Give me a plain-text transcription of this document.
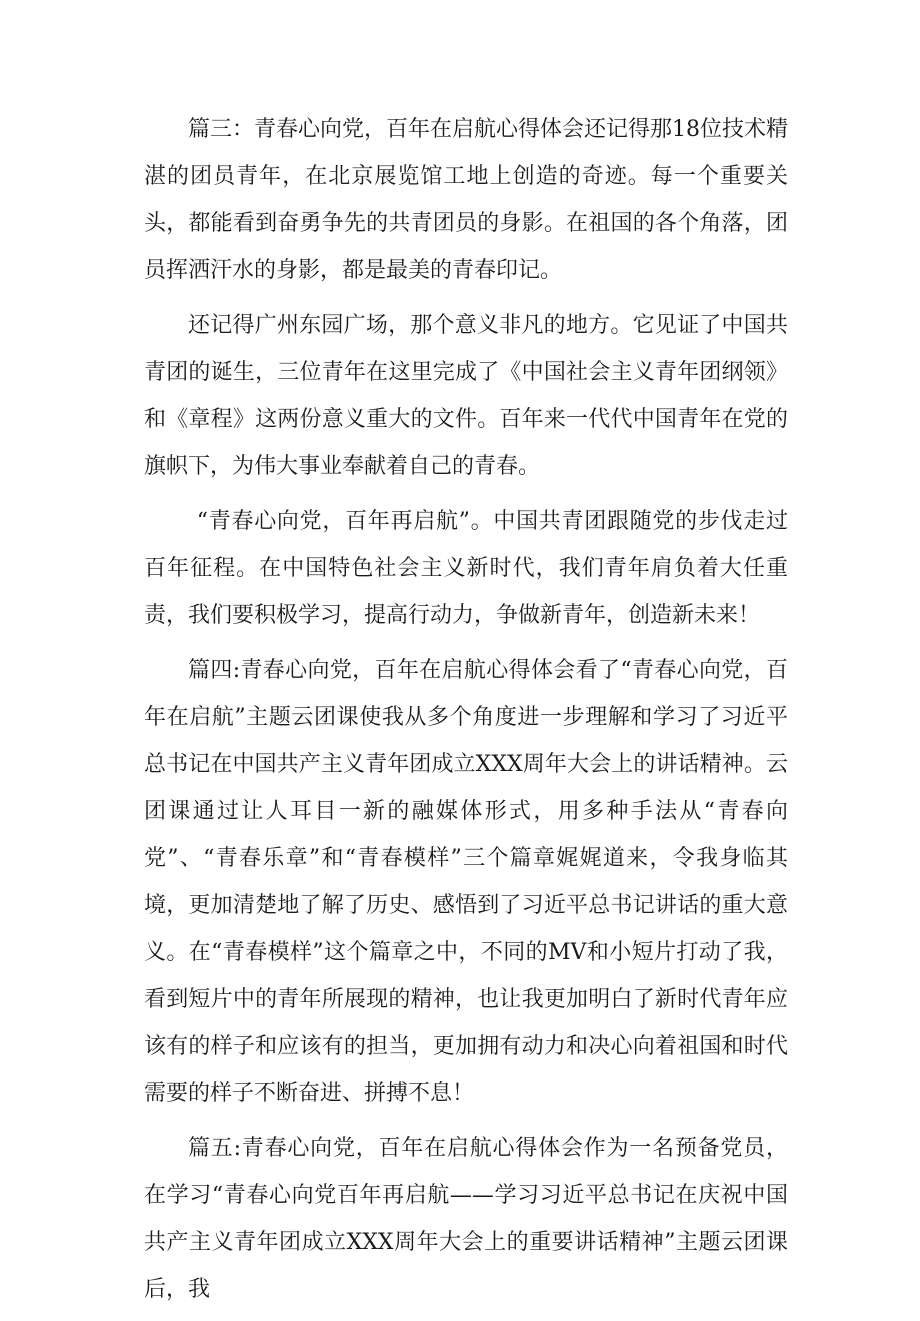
篇三：青春心向党，百年在启航心得体会还记得那18位技术精湛的团员青年，在北京展览馆工地上创造的奇迹。每一个重要关头，都能看到奋勇争先的共青团员的身影。在祖国的各个角落，团员挥洒汗水的身影，都是最美的青春印记。

还记得广州东园广场，那个意义非凡的地方。它见证了中国共青团的诞生，三位青年在这里完成了《中国社会主义青年团纲领》和《章程》这两份意义重大的文件。百年来一代代中国青年在党的旗帜下，为伟大事业奉献着自己的青春。

“青春心向党，百年再启航”。中国共青团跟随党的步伐走过百年征程。在中国特色社会主义新时代，我们青年肩负着大任重责，我们要积极学习，提高行动力，争做新青年，创造新未来！

篇四:青春心向党，百年在启航心得体会看了“青春心向党，百年在启航”主题云团课使我从多个角度进一步理解和学习了习近平总书记在中国共产主义青年团成立XXX周年大会上的讲话精神。云团课通过让人耳目一新的融媒体形式，用多种手法从“青春向党”、“青春乐章”和“青春模样”三个篇章娓娓道来，令我身临其境，更加清楚地了解了历史、感悟到了习近平总书记讲话的重大意义。在“青春模样”这个篇章之中，不同的MV和小短片打动了我，看到短片中的青年所展现的精神，也让我更加明白了新时代青年应该有的样子和应该有的担当，更加拥有动力和决心向着祖国和时代需要的样子不断奋进、拼搏不息！

篇五:青春心向党，百年在启航心得体会作为一名预备党员，在学习“青春心向党百年再启航——学习习近平总书记在庆祝中国共产主义青年团成立XXX周年大会上的重要讲话精神”主题云团课后，我
